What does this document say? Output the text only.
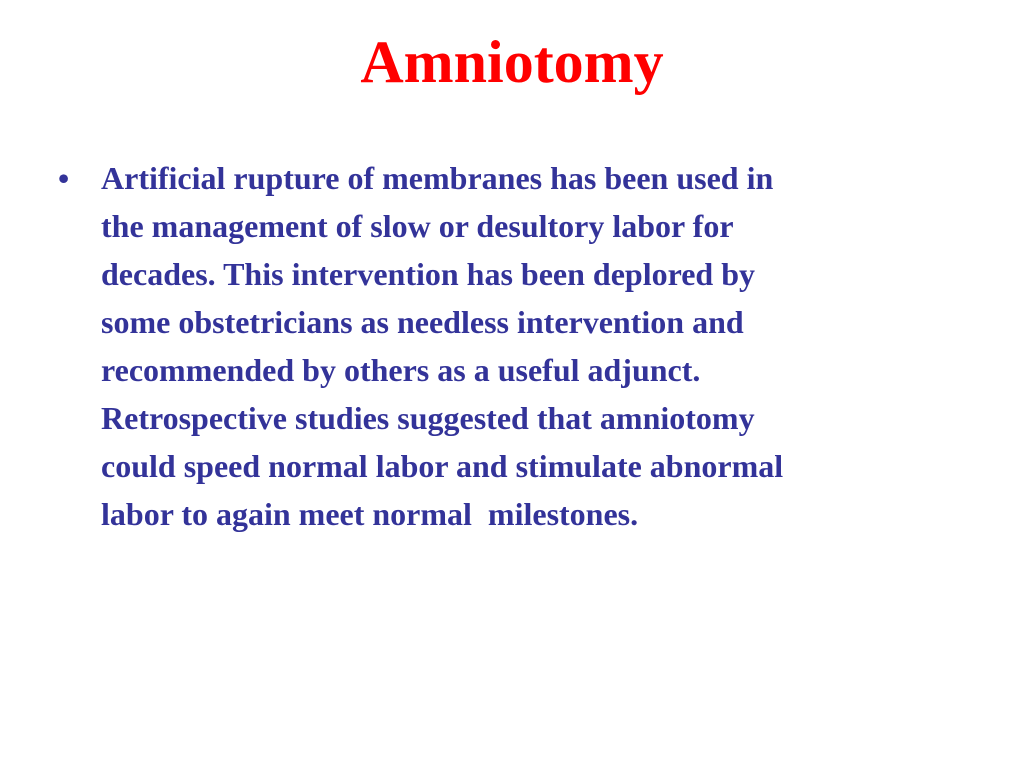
Amniotomy
• Artificial rupture of membranes has been used in
the management of slow or desultory labor for
decades. This intervention has been deplored by
some obstetricians as needless intervention and
recommended by others as a useful adjunct.
Retrospective studies suggested that amniotomy
could speed normal labor and stimulate abnormal
labor to again meet normal  milestones.
